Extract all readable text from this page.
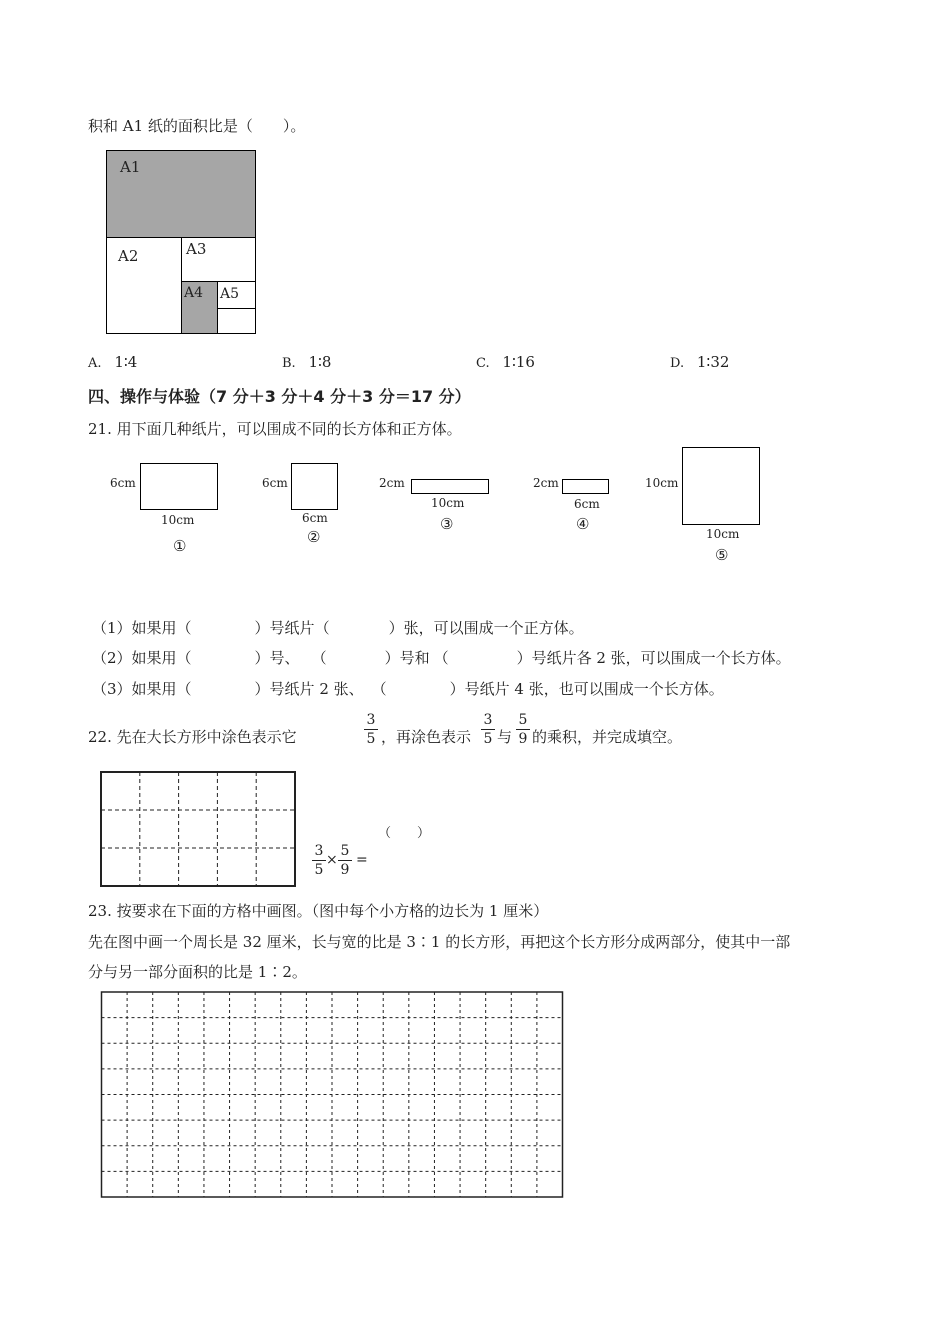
积和 A1 纸的面积比是（　　）。
A1
A2	A3
A4 A5
A. 1∶4	B. 1∶8	C. 1∶16	D. 1∶32
四、操作与体验（7 分＋3 分＋4 分＋3 分＝17 分）
21. 用下面几种纸片，可以围成不同的长方体和正方体。
6cm
10cm
①
6cm
6cm
②
2cm
10cm
③
2cm
6cm
④
10cm
10cm
⑤
（1）如果用（	）号纸片（	）张，可以围成一个正方体。
（2）如果用（	）号、 （	）号和 （	）号纸片各 2 张，可以围成一个长方体。
（3）如果用（	）号纸片 2 张、 （	）号纸片 4 张，也可以围成一个长方体。
22. 先在大长方形中涂色表示它
3
5 ，再涂色表示
3
5 与
5
9 的乘积，并完成填空。
（　　）
3
5
×
5
9
=
23. 按要求在下面的方格中画图。（图中每个小方格的边长为 1 厘米）
先在图中画一个周长是 32 厘米，长与宽的比是 3∶1 的长方形，再把这个长方形分成两部分，使其中一部
分与另一部分面积的比是 1∶2。
